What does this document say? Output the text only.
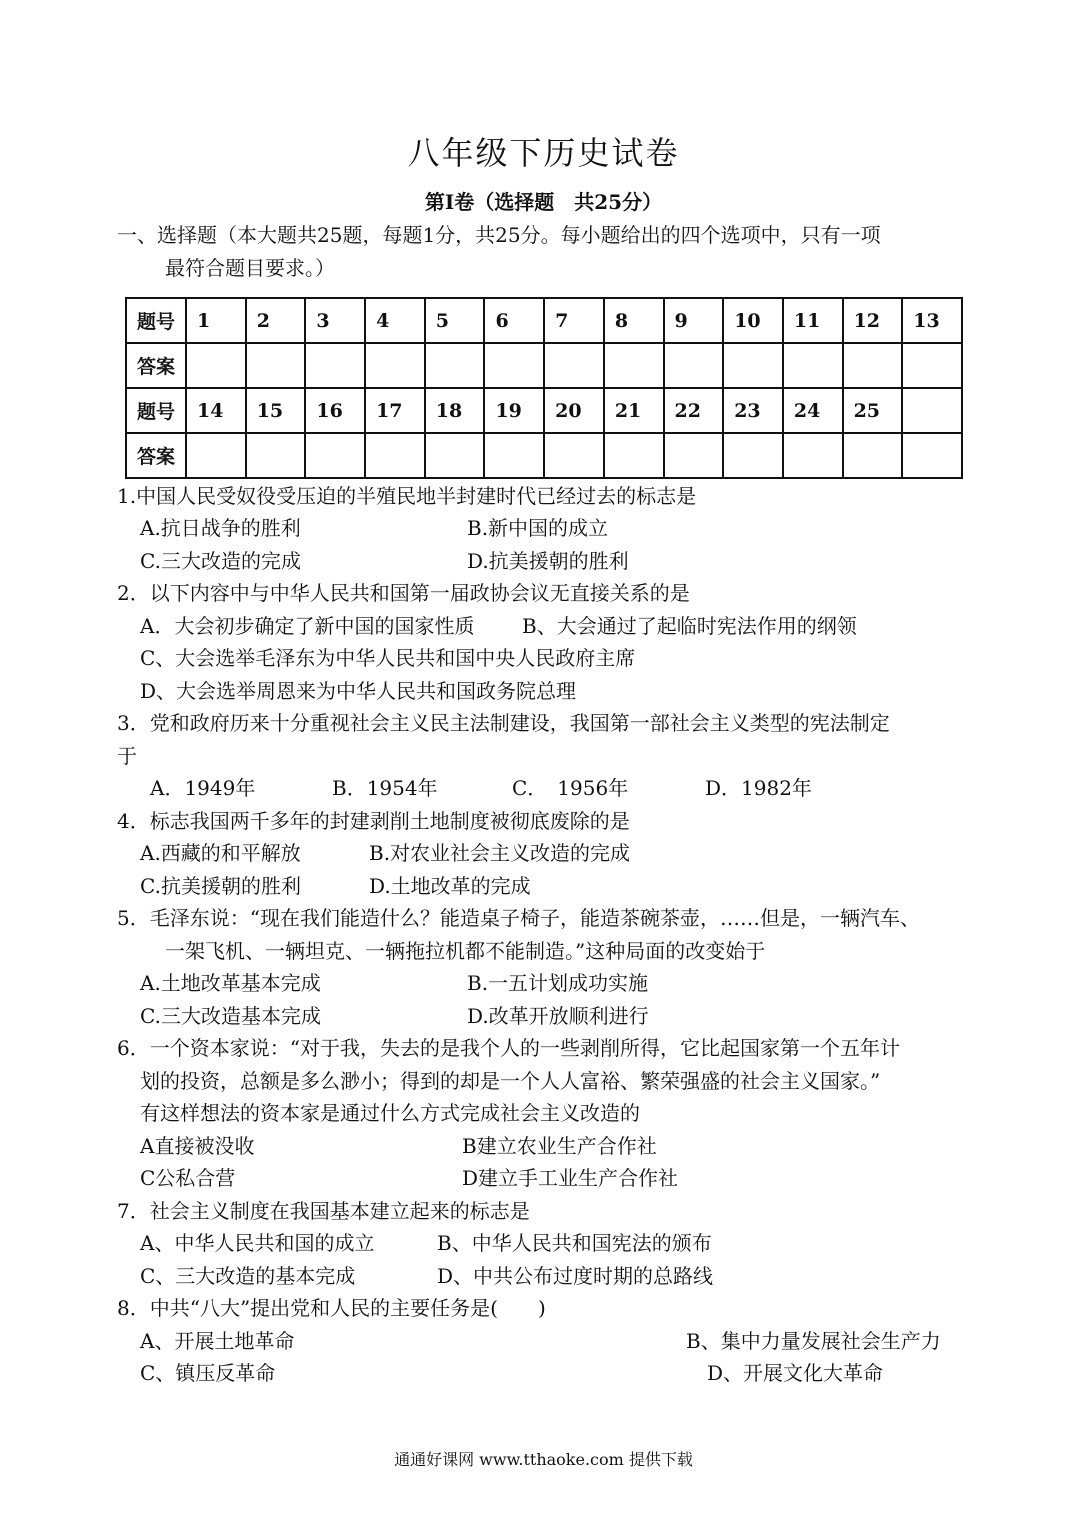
八年级下历史试卷
第Ⅰ卷（选择题　共25分）
一、选择题（本大题共25题，每题1分，共25分。每小题给出的四个选项中，只有一项
最符合题目要求。）
题号	1	2	3	4	5	6	7	8	9	10	11	12	13
答案													
题号	14	15	16	17	18	19	20	21	22	23	24	25	
答案													
1.中国人民受奴役受压迫的半殖民地半封建时代已经过去的标志是
A.抗日战争的胜利	B.新中国的成立
C.三大改造的完成	D.抗美援朝的胜利
2．以下内容中与中华人民共和国第一届政协会议无直接关系的是
A．大会初步确定了新中国的国家性质 B、大会通过了起临时宪法作用的纲领
C、大会选举毛泽东为中华人民共和国中央人民政府主席
D、大会选举周恩来为中华人民共和国政务院总理
3．党和政府历来十分重视社会主义民主法制建设，我国第一部社会主义类型的宪法制定
于
A．1949年	B．1954年	C．　1956年	D．1982年
4．标志我国两千多年的封建剥削土地制度被彻底废除的是
A.西藏的和平解放	B.对农业社会主义改造的完成
C.抗美援朝的胜利	D.土地改革的完成
5．毛泽东说：“现在我们能造什么？能造桌子椅子，能造茶碗茶壶，……但是，一辆汽车、
一架飞机、一辆坦克、一辆拖拉机都不能制造。”这种局面的改变始于
A.土地改革基本完成	B.一五计划成功实施
C.三大改造基本完成	D.改革开放顺利进行
6．一个资本家说：“对于我，失去的是我个人的一些剥削所得，它比起国家第一个五年计
划的投资，总额是多么渺小；得到的却是一个人人富裕、繁荣强盛的社会主义国家。”
有这样想法的资本家是通过什么方式完成社会主义改造的
A直接被没收	B建立农业生产合作社
C公私合营	D建立手工业生产合作社
7．社会主义制度在我国基本建立起来的标志是
A、中华人民共和国的成立	B、中华人民共和国宪法的颁布
C、三大改造的基本完成	D、中共公布过度时期的总路线
8．中共“八大”提出党和人民的主要任务是(　　)
A、开展土地革命	B、集中力量发展社会生产力
C、镇压反革命	D、开展文化大革命
通通好课网 www.tthaoke.com 提供下载
